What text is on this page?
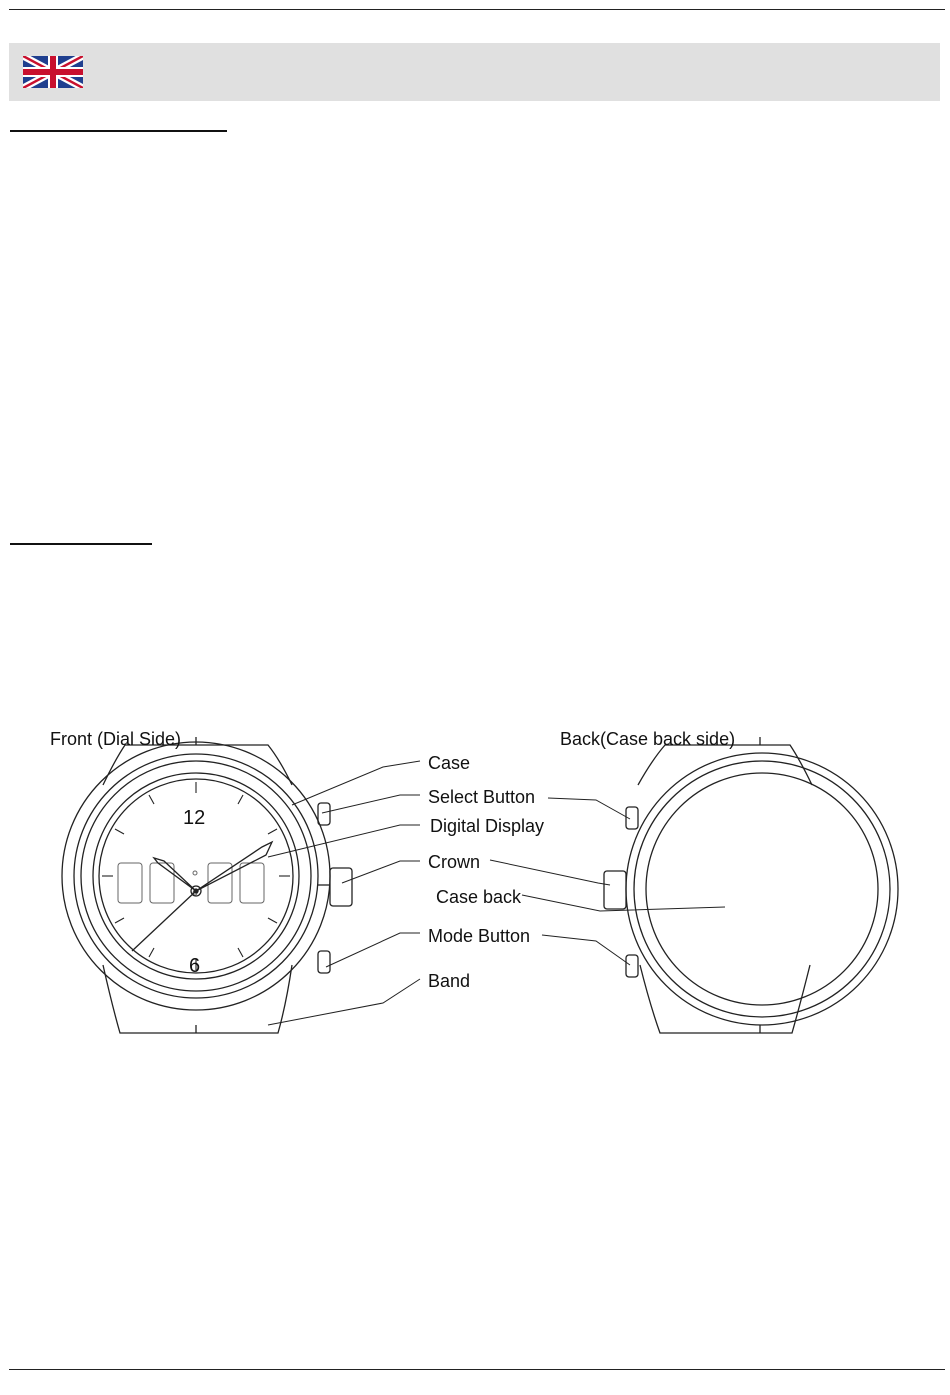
12
6
Front (Dial Side)	Back(Case back side)
Case
Select Button
Digital Display
Crown
Case back
Mode Button
Band
